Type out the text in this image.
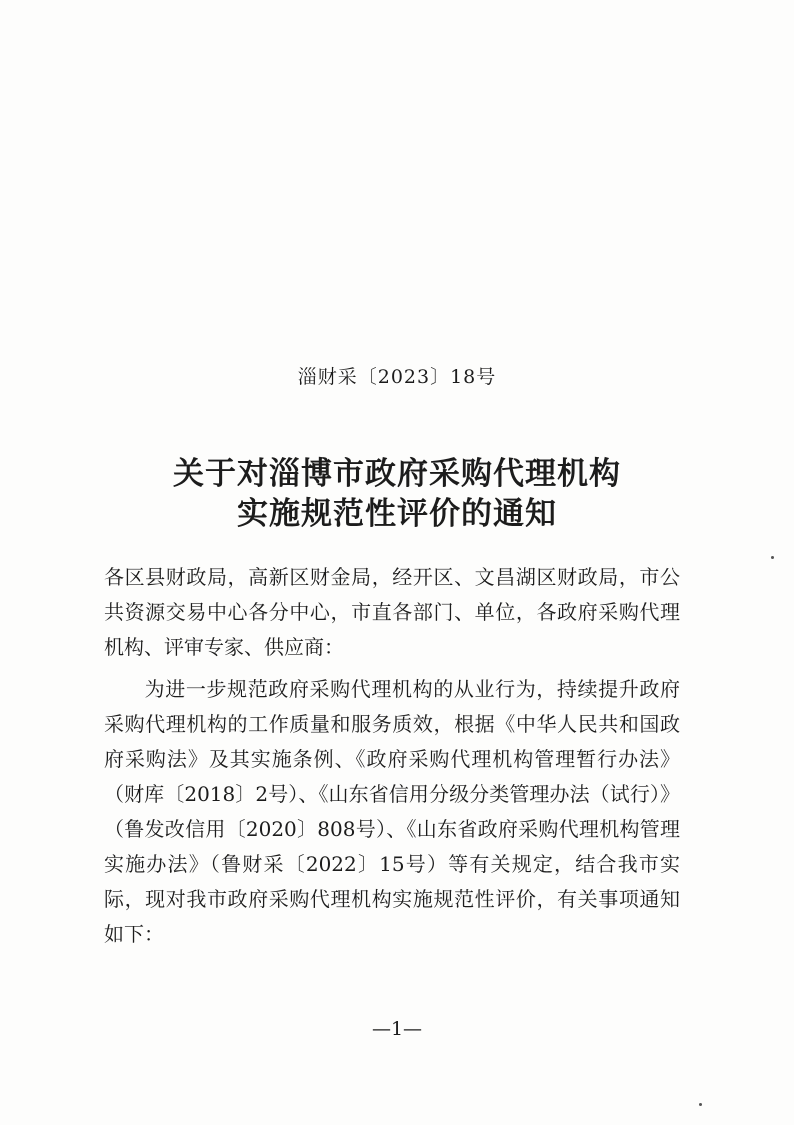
淄财采〔2023〕18号
关于对淄博市政府采购代理机构
实施规范性评价的通知
各区县财政局，高新区财金局，经开区、文昌湖区财政局，市公共资源交易中心各分中心，市直各部门、单位，各政府采购代理机构、评审专家、供应商：
为进一步规范政府采购代理机构的从业行为，持续提升政府采购代理机构的工作质量和服务质效，根据《中华人民共和国政府采购法》及其实施条例、《政府采购代理机构管理暂行办法》（财库〔2018〕2号）、《山东省信用分级分类管理办法（试行）》（鲁发改信用〔2020〕808号）、《山东省政府采购代理机构管理实施办法》（鲁财采〔2022〕15号）等有关规定，结合我市实际，现对我市政府采购代理机构实施规范性评价，有关事项通知如下：
—1—
